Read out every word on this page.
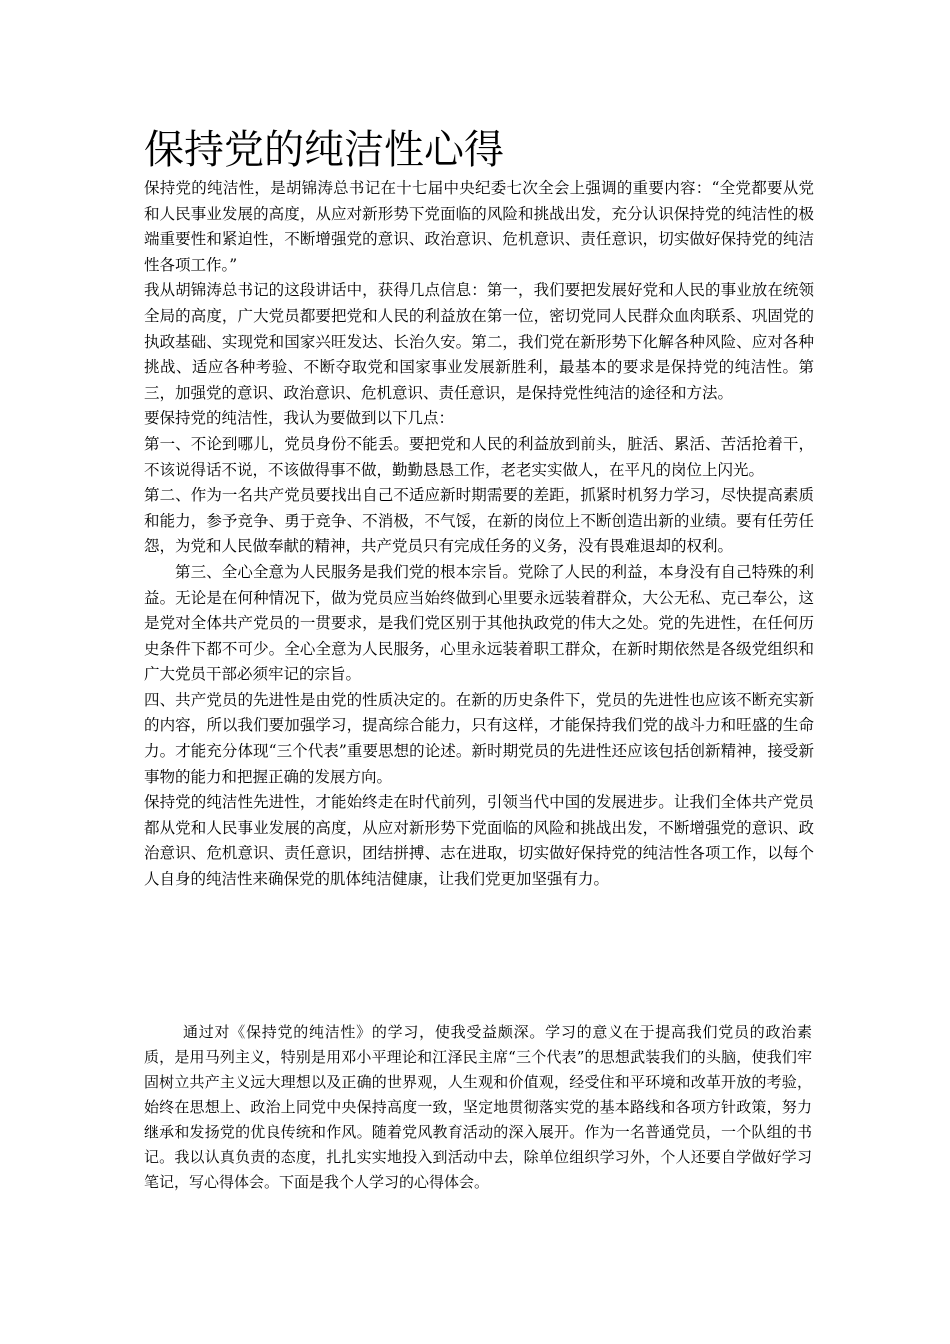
保持党的纯洁性心得

保持党的纯洁性，是胡锦涛总书记在十七届中央纪委七次全会上强调的重要内容：“全党都要从党和人民事业发展的高度，从应对新形势下党面临的风险和挑战出发，充分认识保持党的纯洁性的极端重要性和紧迫性，不断增强党的意识、政治意识、危机意识、责任意识，切实做好保持党的纯洁性各项工作。”

我从胡锦涛总书记的这段讲话中，获得几点信息：第一，我们要把发展好党和人民的事业放在统领全局的高度，广大党员都要把党和人民的利益放在第一位，密切党同人民群众血肉联系、巩固党的执政基础、实现党和国家兴旺发达、长治久安。第二，我们党在新形势下化解各种风险、应对各种挑战、适应各种考验、不断夺取党和国家事业发展新胜利，最基本的要求是保持党的纯洁性。第三，加强党的意识、政治意识、危机意识、责任意识，是保持党性纯洁的途径和方法。

要保持党的纯洁性，我认为要做到以下几点：

第一、不论到哪儿，党员身份不能丢。要把党和人民的利益放到前头，脏活、累活、苦活抢着干，不该说得话不说，不该做得事不做，勤勤恳恳工作，老老实实做人，在平凡的岗位上闪光。

第二、作为一名共产党员要找出自己不适应新时期需要的差距，抓紧时机努力学习，尽快提高素质和能力，参予竞争、勇于竞争、不消极，不气馁，在新的岗位上不断创造出新的业绩。要有任劳任怨，为党和人民做奉献的精神，共产党员只有完成任务的义务，没有畏难退却的权利。

第三、全心全意为人民服务是我们党的根本宗旨。党除了人民的利益，本身没有自己特殊的利益。无论是在何种情况下，做为党员应当始终做到心里要永远装着群众，大公无私、克己奉公，这是党对全体共产党员的一贯要求，是我们党区别于其他执政党的伟大之处。党的先进性，在任何历史条件下都不可少。全心全意为人民服务，心里永远装着职工群众，在新时期依然是各级党组织和广大党员干部必须牢记的宗旨。

四、共产党员的先进性是由党的性质决定的。在新的历史条件下，党员的先进性也应该不断充实新的内容，所以我们要加强学习，提高综合能力，只有这样，才能保持我们党的战斗力和旺盛的生命力。才能充分体现“三个代表”重要思想的论述。新时期党员的先进性还应该包括创新精神，接受新事物的能力和把握正确的发展方向。

保持党的纯洁性先进性，才能始终走在时代前列，引领当代中国的发展进步。让我们全体共产党员都从党和人民事业发展的高度，从应对新形势下党面临的风险和挑战出发，不断增强党的意识、政治意识、危机意识、责任意识，团结拼搏、志在进取，切实做好保持党的纯洁性各项工作，以每个人自身的纯洁性来确保党的肌体纯洁健康，让我们党更加坚强有力。

通过对《保持党的纯洁性》的学习，使我受益颇深。学习的意义在于提高我们党员的政治素质，是用马列主义，特别是用邓小平理论和江泽民主席“三个代表”的思想武装我们的头脑，使我们牢固树立共产主义远大理想以及正确的世界观，人生观和价值观，经受住和平环境和改革开放的考验，始终在思想上、政治上同党中央保持高度一致，坚定地贯彻落实党的基本路线和各项方针政策，努力继承和发扬党的优良传统和作风。随着党风教育活动的深入展开。作为一名普通党员，一个队组的书记。我以认真负责的态度，扎扎实实地投入到活动中去，除单位组织学习外，个人还要自学做好学习笔记，写心得体会。下面是我个人学习的心得体会。
